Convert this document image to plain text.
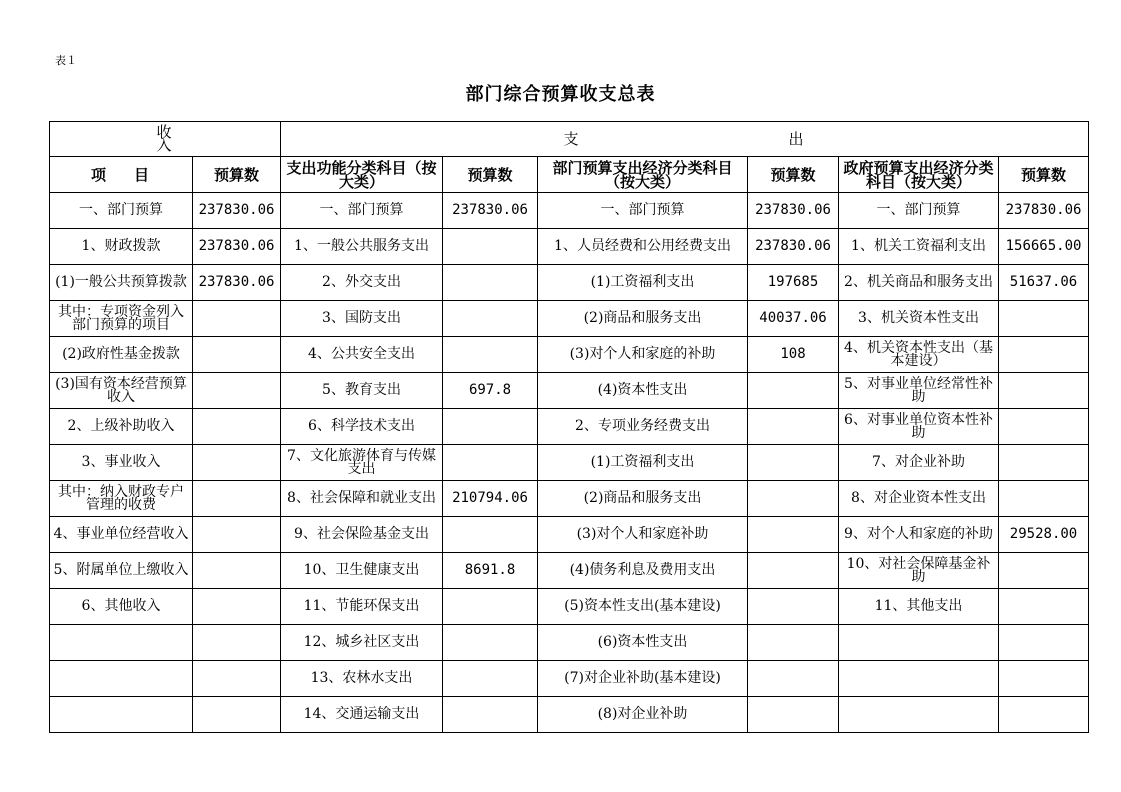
表１
部门综合预算收支总表
收入		支出					
项目	预算数	支出功能分类科目（按大类）	预算数	部门预算支出经济分类科目（按大类）	预算数	政府预算支出经济分类科目（按大类）	预算数
一、部门预算	237830.06	一、部门预算	237830.06	一、部门预算	237830.06	一、部门预算	237830.06
1、财政拨款	237830.06	1、一般公共服务支出		1、人员经费和公用经费支出	237830.06	1、机关工资福利支出	156665.00
(1)一般公共预算拨款	237830.06	2、外交支出		(1)工资福利支出	197685	2、机关商品和服务支出	51637.06
其中：专项资金列入部门预算的项目		3、国防支出		(2)商品和服务支出	40037.06	3、机关资本性支出	
(2)政府性基金拨款		4、公共安全支出		(3)对个人和家庭的补助	108	4、机关资本性支出（基本建设）	
(3)国有资本经营预算收入		5、教育支出	697.8	(4)资本性支出		5、对事业单位经常性补助	
2、上级补助收入		6、科学技术支出		2、专项业务经费支出		6、对事业单位资本性补助	
3、事业收入		7、文化旅游体育与传媒支出		(1)工资福利支出		7、对企业补助	
其中：纳入财政专户管理的收费		8、社会保障和就业支出	210794.06	(2)商品和服务支出		8、对企业资本性支出	
4、事业单位经营收入		9、社会保险基金支出		(3)对个人和家庭补助		9、对个人和家庭的补助	29528.00
5、附属单位上缴收入		10、卫生健康支出	8691.8	(4)债务利息及费用支出		10、对社会保障基金补助	
6、其他收入		11、节能环保支出		(5)资本性支出(基本建设)		11、其他支出	
		12、城乡社区支出		(6)资本性支出			
		13、农林水支出		(7)对企业补助(基本建设)			
		14、交通运输支出		(8)对企业补助			
